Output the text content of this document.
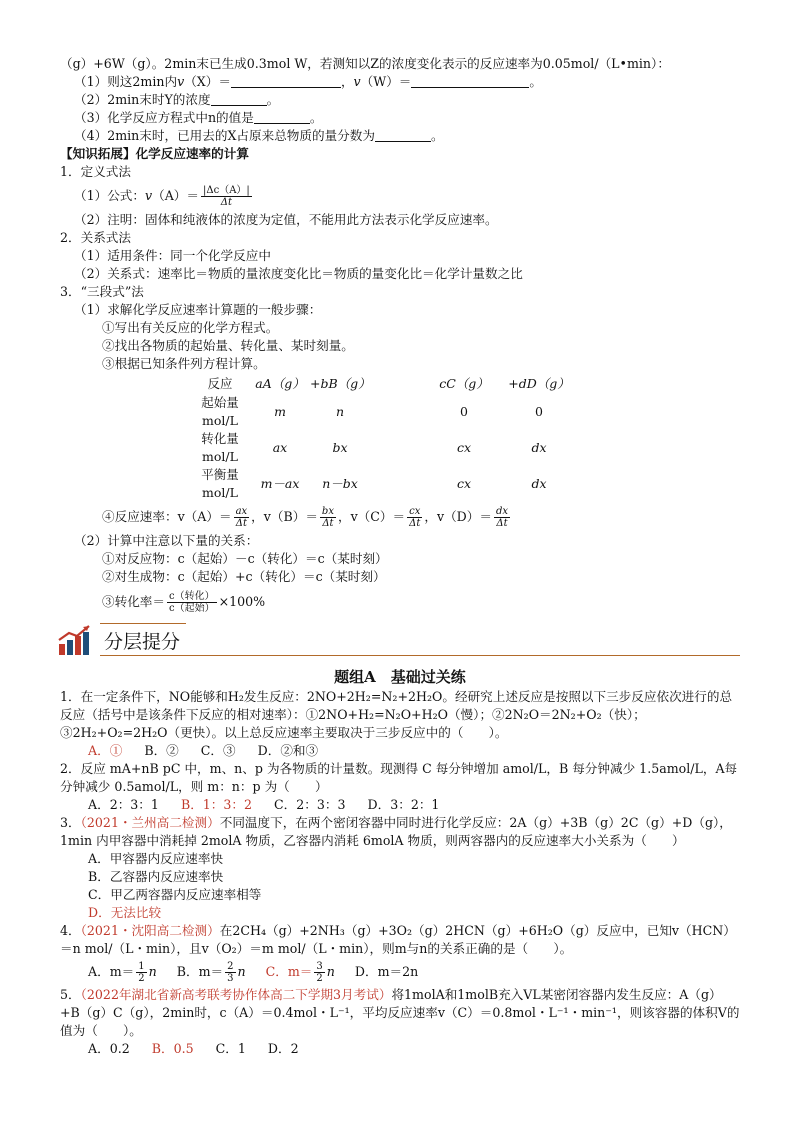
（g）+6W（g）。2min末已生成0.3mol W，若测知以Z的浓度变化表示的反应速率为0.05mol/（L•min）：
（1）则这2min内v（X）＝	，v（W）＝	。
（2）2min末时Y的浓度	。
（3）化学反应方程式中n的值是	。
（4）2min末时，已用去的X占原来总物质的量分数为	。
【知识拓展】化学反应速率的计算
1．定义式法
（1）公式： v $(A)= \frac{|\Delta c(A)|}{\Delta t}$
（2）注明：固体和纯液体的浓度为定值，不能用此方法表示化学反应速率。
2．关系式法
（1）适用条件：同一个化学反应中
（2）关系式：速率比＝物质的量浓度变化比＝物质的量变化比＝化学计量数之比
3．“三段式”法
（1）求解化学反应速率计算题的一般步骤：
①写出有关反应的化学方程式。
②找出各物质的起始量、转化量、某时刻量。
③根据已知条件列方程计算。
反应	aA（g）	+bB（g）		cC（g）	+dD（g）
起始量 mol/L	m	n		0	0
转化量 mol/L	ax	bx		cx	dx
平衡量 mol/L	m－ax	n－bx		cx	dx
④反应速率： $v(A)= \frac{ax}{\Delta t}$ ， $v(B)= \frac{bx}{\Delta t}$ ， $v(C)= \frac{cx}{\Delta t}$ ， $v(D)= \frac{dx}{\Delta t}$
（2）计算中注意以下量的关系：
①对反应物：c（起始）－c（转化）＝c（某时刻）
②对生成物：c（起始）+c（转化）＝c（某时刻）
③转化率＝ $\frac{\text{c（转化）}}{\text{c（起始）}} \times 100\%$
分层提分
题组A　基础过关练
1．在一定条件下，NO能够和H₂发生反应：2NO+2H₂=N₂+2H₂O。经研究上述反应是按照以下三步反应依次进行的总反应（括号中是该条件下反应的相对速率）：①2NO+H₂=N₂O+H₂O（慢）；②2N₂O＝2N₂+O₂（快）；③2H₂+O₂=2H₂O（更快）。以上总反应速率主要取决于三步反应中的（　　）。
A．① B．② C．③ D．②和③
2．反应 mA+nB pC 中，m、n、p 为各物质的计量数。现测得 C 每分钟增加 amol/L，B 每分钟减少 1.5amol/L，A每分钟减少 0.5amol/L，则 m：n：p 为（　　）
A．2：3：1 B．1：3：2 C．2：3：3 D．3：2：1
3．（2021・兰州高二检测）不同温度下，在两个密闭容器中同时进行化学反应：2A（g）+3B（g）2C（g）+D（g），1min 内甲容器中消耗掉 2molA 物质，乙容器内消耗 6molA 物质，则两容器内的反应速率大小关系为（　　）
A．甲容器内反应速率快
B．乙容器内反应速率快
C．甲乙两容器内反应速率相等
D．无法比较
4．（2021・沈阳高二检测）在2CH₄（g）+2NH₃（g）+3O₂（g）2HCN（g）+6H₂O（g）反应中，已知v（HCN）＝n mol/（L・min），且v（O₂）＝m mol/（L・min），则m与n的关系正确的是（　　）。
A．$m= \frac{1}{2}$ n B．$m= \frac{2}{3}$ n C．$m= \frac{3}{2}$ n D．m＝2n
5．（2022年湖北省新高考联考协作体高二下学期3月考试）将1molA和1molB充入VL某密闭容器内发生反应：A（g）+B（g）C（g），2min时，c（A）＝0.4mol・L⁻¹，平均反应速率v（C）＝0.8mol・L⁻¹・min⁻¹，则该容器的体积V的值为（　　）。
A．0.2 B．0.5 C．1 D．2
